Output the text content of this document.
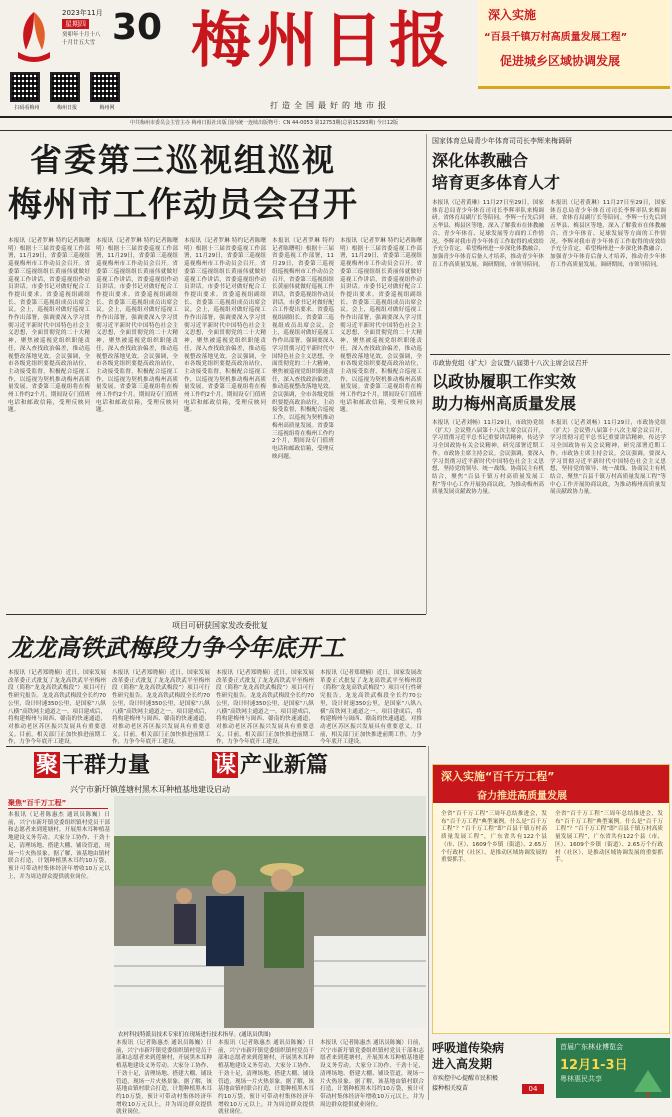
2023年11月
星期四
癸卯年十月十八
十月廿五大雪 30
扫码看梅州	梅州日报	梅州网
梅州日报
打造全国最好的地市报
深入实施
“百县千镇万村高质量发展工程”
促进城乡区域协调发展
中共梅州市委员会主管主办 梅州日报社出版 国内统一连续出版物号：CN 44-0053 第12753期(总第15293期) 今日12版
省委第三巡视组巡视
梅州市工作动员会召开
本报讯（记者罗琳 特约记者陈曙明）根据十三届省委巡视工作部署，11月29日，省委第三巡视组巡视梅州市工作动员会召开。省委第三巡视组组长黄丽伟就做好巡视工作讲话，省委巡视组作动员讲话。市委书记对做好配合工作提出要求。省委巡视组副组长、省委第三巡视组成员出席会议。会上，巡视组对做好巡视工作作出部署，强调要深入学习贯彻习近平新时代中国特色社会主义思想，全面贯彻党的二十大精神，聚焦被巡视党组织职能责任，深入查找政治偏差，推动巡视整改落地见效。会议强调，全市各级党组织要提高政治站位，主动接受监督，积极配合巡视工作，以巡视为契机推动梅州高质量发展。省委第三巡视组将在梅州工作约2个月，期间设专门值班电话和邮政信箱，受理反映问题。
本报讯（记者罗琳 特约记者陈曙明）根据十三届省委巡视工作部署，11月29日，省委第三巡视组巡视梅州市工作动员会召开。省委第三巡视组组长黄丽伟就做好巡视工作讲话，省委巡视组作动员讲话。市委书记对做好配合工作提出要求。省委巡视组副组长、省委第三巡视组成员出席会议。会上，巡视组对做好巡视工作作出部署，强调要深入学习贯彻习近平新时代中国特色社会主义思想，全面贯彻党的二十大精神，聚焦被巡视党组织职能责任，深入查找政治偏差，推动巡视整改落地见效。会议强调，全市各级党组织要提高政治站位，主动接受监督，积极配合巡视工作，以巡视为契机推动梅州高质量发展。省委第三巡视组将在梅州工作约2个月，期间设专门值班电话和邮政信箱，受理反映问题。
本报讯（记者罗琳 特约记者陈曙明）根据十三届省委巡视工作部署，11月29日，省委第三巡视组巡视梅州市工作动员会召开。省委第三巡视组组长黄丽伟就做好巡视工作讲话，省委巡视组作动员讲话。市委书记对做好配合工作提出要求。省委巡视组副组长、省委第三巡视组成员出席会议。会上，巡视组对做好巡视工作作出部署，强调要深入学习贯彻习近平新时代中国特色社会主义思想，全面贯彻党的二十大精神，聚焦被巡视党组织职能责任，深入查找政治偏差，推动巡视整改落地见效。会议强调，全市各级党组织要提高政治站位，主动接受监督，积极配合巡视工作，以巡视为契机推动梅州高质量发展。省委第三巡视组将在梅州工作约2个月，期间设专门值班电话和邮政信箱，受理反映问题。
本报讯（记者罗琳 特约记者陈曙明）根据十三届省委巡视工作部署，11月29日，省委第三巡视组巡视梅州市工作动员会召开。省委第三巡视组组长黄丽伟就做好巡视工作讲话，省委巡视组作动员讲话。市委书记对做好配合工作提出要求。省委巡视组副组长、省委第三巡视组成员出席会议。会上，巡视组对做好巡视工作作出部署，强调要深入学习贯彻习近平新时代中国特色社会主义思想，全面贯彻党的二十大精神，聚焦被巡视党组织职能责任，深入查找政治偏差，推动巡视整改落地见效。会议强调，全市各级党组织要提高政治站位，主动接受监督，积极配合巡视工作，以巡视为契机推动梅州高质量发展。省委第三巡视组将在梅州工作约2个月，期间设专门值班电话和邮政信箱，受理反映问题。
本报讯（记者罗琳 特约记者陈曙明）根据十三届省委巡视工作部署，11月29日，省委第三巡视组巡视梅州市工作动员会召开。省委第三巡视组组长黄丽伟就做好巡视工作讲话，省委巡视组作动员讲话。市委书记对做好配合工作提出要求。省委巡视组副组长、省委第三巡视组成员出席会议。会上，巡视组对做好巡视工作作出部署，强调要深入学习贯彻习近平新时代中国特色社会主义思想，全面贯彻党的二十大精神，聚焦被巡视党组织职能责任，深入查找政治偏差，推动巡视整改落地见效。会议强调，全市各级党组织要提高政治站位，主动接受监督，积极配合巡视工作，以巡视为契机推动梅州高质量发展。省委第三巡视组将在梅州工作约2个月，期间设专门值班电话和邮政信箱，受理反映问题。
国家体育总局青少年体育司司长李辉来梅调研
深化体教融合
培育更多体育人才
本报讯（记者黄琳）11月27日至29日，国家体育总局青少年体育司司长李辉率队来梅调研。省体育局副厅长等陪同。李辉一行先后到五华县、梅县区等地，深入了解我市在体教融合、青少年体育、足球发展等方面的工作情况。李辉对我市青少年体育工作取得的成效给予充分肯定，希望梅州进一步深化体教融合，加强青少年体育后备人才培养，推动青少年体育工作高质量发展。调研期间，市领导陪同。
本报讯（记者黄琳）11月27日至29日，国家体育总局青少年体育司司长李辉率队来梅调研。省体育局副厅长等陪同。李辉一行先后到五华县、梅县区等地，深入了解我市在体教融合、青少年体育、足球发展等方面的工作情况。李辉对我市青少年体育工作取得的成效给予充分肯定，希望梅州进一步深化体教融合，加强青少年体育后备人才培养，推动青少年体育工作高质量发展。调研期间，市领导陪同。
市政协党组（扩大）会议暨八届第十八次主席会议召开
以政协履职工作实效
助力梅州高质量发展
本报讯（记者刘畅）11月29日，市政协党组（扩大）会议暨八届第十八次主席会议召开，学习贯彻习近平总书记重要讲话精神，传达学习全国政协有关会议精神，研究部署近期工作。市政协主席主持会议。会议强调，要深入学习贯彻习近平新时代中国特色社会主义思想，坚持党的领导、统一战线、协商民主有机结合，聚焦“百县千镇万村高质量发展工程”等中心工作开展协商议政，为推动梅州高质量发展贡献政协力量。
本报讯（记者刘畅）11月29日，市政协党组（扩大）会议暨八届第十八次主席会议召开，学习贯彻习近平总书记重要讲话精神，传达学习全国政协有关会议精神，研究部署近期工作。市政协主席主持会议。会议强调，要深入学习贯彻习近平新时代中国特色社会主义思想，坚持党的领导、统一战线、协商民主有机结合，聚焦“百县千镇万村高质量发展工程”等中心工作开展协商议政，为推动梅州高质量发展贡献政协力量。
项目可研获国家发改委批复
龙龙高铁武梅段力争今年底开工
本报讯（记者郑晓楠）近日，国家发展改革委正式批复了龙龙高铁武平至梅州段（简称“龙龙高铁武梅段”）项目可行性研究报告。龙龙高铁武梅段全长约70公里，设计时速350公里，是国家“八纵八横”高铁网主通道之一。项目建成后，将构建梅州与闽西、赣南的快速通道，对推动老区苏区振兴发展具有重要意义。目前，相关部门正加快推进前期工作，力争今年底开工建设。
本报讯（记者郑晓楠）近日，国家发展改革委正式批复了龙龙高铁武平至梅州段（简称“龙龙高铁武梅段”）项目可行性研究报告。龙龙高铁武梅段全长约70公里，设计时速350公里，是国家“八纵八横”高铁网主通道之一。项目建成后，将构建梅州与闽西、赣南的快速通道，对推动老区苏区振兴发展具有重要意义。目前，相关部门正加快推进前期工作，力争今年底开工建设。
本报讯（记者郑晓楠）近日，国家发展改革委正式批复了龙龙高铁武平至梅州段（简称“龙龙高铁武梅段”）项目可行性研究报告。龙龙高铁武梅段全长约70公里，设计时速350公里，是国家“八纵八横”高铁网主通道之一。项目建成后，将构建梅州与闽西、赣南的快速通道，对推动老区苏区振兴发展具有重要意义。目前，相关部门正加快推进前期工作，力争今年底开工建设。
本报讯（记者郑晓楠）近日，国家发展改革委正式批复了龙龙高铁武平至梅州段（简称“龙龙高铁武梅段”）项目可行性研究报告。龙龙高铁武梅段全长约70公里，设计时速350公里，是国家“八纵八横”高铁网主通道之一。项目建成后，将构建梅州与闽西、赣南的快速通道，对推动老区苏区振兴发展具有重要意义。目前，相关部门正加快推进前期工作，力争今年底开工建设。
聚 干群力量	谋 产业新篇
兴宁市新圩镇莲塘村黑木耳种植基地建设启动
聚焦“百千万工程”
本报讯（记者陈惠杰 通讯员陈巍）日前，兴宁市新圩镇党委组织镇村党员干部和志愿者来到莲塘村，开展黑木耳种植基地建设义务劳动。大家分工协作、干劲十足，清理场地、搭建大棚、铺设管道，现场一片火热景象。据了解，该基地由镇村联合打造，计划种植黑木耳约10万袋，预计可带动村集体经济年增收10万元以上，并为周边群众提供就业岗位。
农村科技特派员技术专家们在现场进行技术指导。(通讯员供图)
本报讯（记者陈惠杰 通讯员陈巍）日前，兴宁市新圩镇党委组织镇村党员干部和志愿者来到莲塘村，开展黑木耳种植基地建设义务劳动。大家分工协作、干劲十足，清理场地、搭建大棚、铺设管道，现场一片火热景象。据了解，该基地由镇村联合打造，计划种植黑木耳约10万袋，预计可带动村集体经济年增收10万元以上，并为周边群众提供就业岗位。
本报讯（记者陈惠杰 通讯员陈巍）日前，兴宁市新圩镇党委组织镇村党员干部和志愿者来到莲塘村，开展黑木耳种植基地建设义务劳动。大家分工协作、干劲十足，清理场地、搭建大棚、铺设管道，现场一片火热景象。据了解，该基地由镇村联合打造，计划种植黑木耳约10万袋，预计可带动村集体经济年增收10万元以上，并为周边群众提供就业岗位。
本报讯（记者陈惠杰 通讯员陈巍）日前，兴宁市新圩镇党委组织镇村党员干部和志愿者来到莲塘村，开展黑木耳种植基地建设义务劳动。大家分工协作、干劲十足，清理场地、搭建大棚、铺设管道，现场一片火热景象。据了解，该基地由镇村联合打造，计划种植黑木耳约10万袋，预计可带动村集体经济年增收10万元以上，并为周边群众提供就业岗位。
深入实施“百千万工程”
奋力推进高质量发展
全省“百千万工程”三周年总结推进会，发布“百千万工程”典型案例。什么是“百千万工程”？“百千万工程”即“百县千镇万村高质量发展工程”，广东省共有122个县（市、区）、1609个乡镇（街道）、2.65万个行政村（社区），是推动区域协调发展的重要抓手。
全省“百千万工程”三周年总结推进会，发布“百千万工程”典型案例。什么是“百千万工程”？“百千万工程”即“百县千镇万村高质量发展工程”，广东省共有122个县（市、区）、1609个乡镇（街道）、2.65万个行政村（社区），是推动区域协调发展的重要抓手。
呼吸道传染病
进入高发期
市疾控中心提醒市民积极
接种相关疫苗	04
首届广东林业博览会
12月1-3日
粤林惠民共享
